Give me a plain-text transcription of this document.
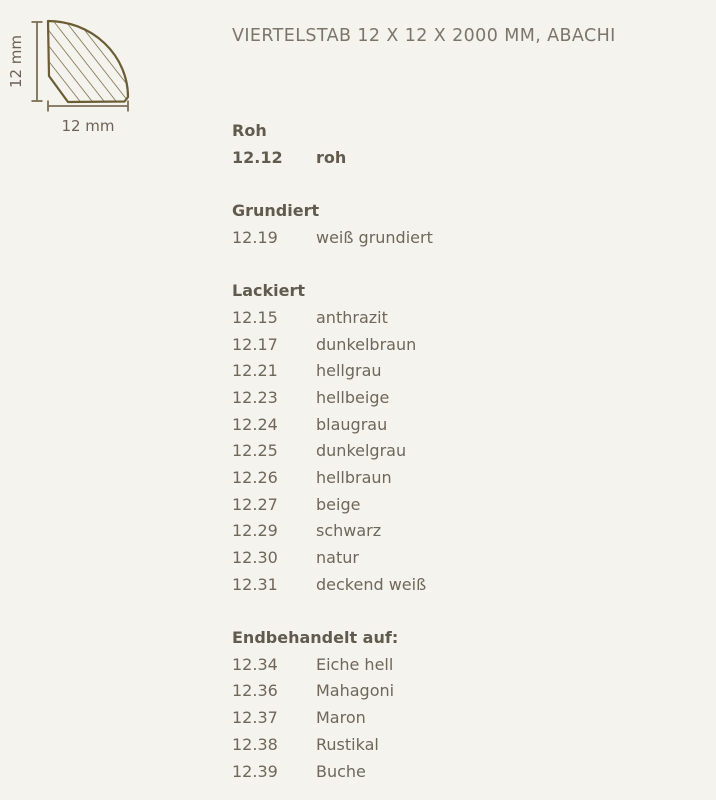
12 mm
12 mm
VIERTELSTAB 12 X 12 X 2000 MM, ABACHI
Roh
12.12 roh
Grundiert
12.19 weiß grundiert
Lackiert
12.15 anthrazit
12.17 dunkelbraun
12.21 hellgrau
12.23 hellbeige
12.24 blaugrau
12.25 dunkelgrau
12.26 hellbraun
12.27 beige
12.29 schwarz
12.30 natur
12.31 deckend weiß
Endbehandelt auf:
12.34 Eiche hell
12.36 Mahagoni
12.37 Maron
12.38 Rustikal
12.39 Buche
